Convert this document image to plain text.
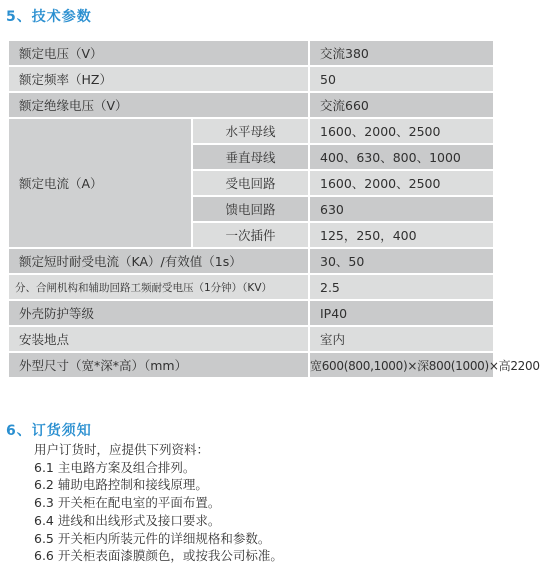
5、技术参数
额定电压（V）		交流380
额定频率（HZ）		50
额定绝缘电压（V）		交流660
额定电流（A）	水平母线	1600、2000、2500
	垂直母线	400、630、800、1000
	受电回路	1600、2000、2500
	馈电回路	630
	一次插件	125，250，400
额定短时耐受电流（KA）/有效值（1s）		30、50
分、合闸机构和辅助回路工频耐受电压（1分钟）（KV）		2.5
外壳防护等级		IP40
安装地点		室内
外型尺寸（宽*深*高）（mm）		宽600(800,1000)×深800(1000)×高2200
6、订货须知
用户订货时，应提供下列资料：
6.1 主电路方案及组合排列。
6.2 辅助电路控制和接线原理。
6.3 开关柜在配电室的平面布置。
6.4 进线和出线形式及接口要求。
6.5 开关柜内所装元件的详细规格和参数。
6.6 开关柜表面漆膜颜色，或按我公司标准。
